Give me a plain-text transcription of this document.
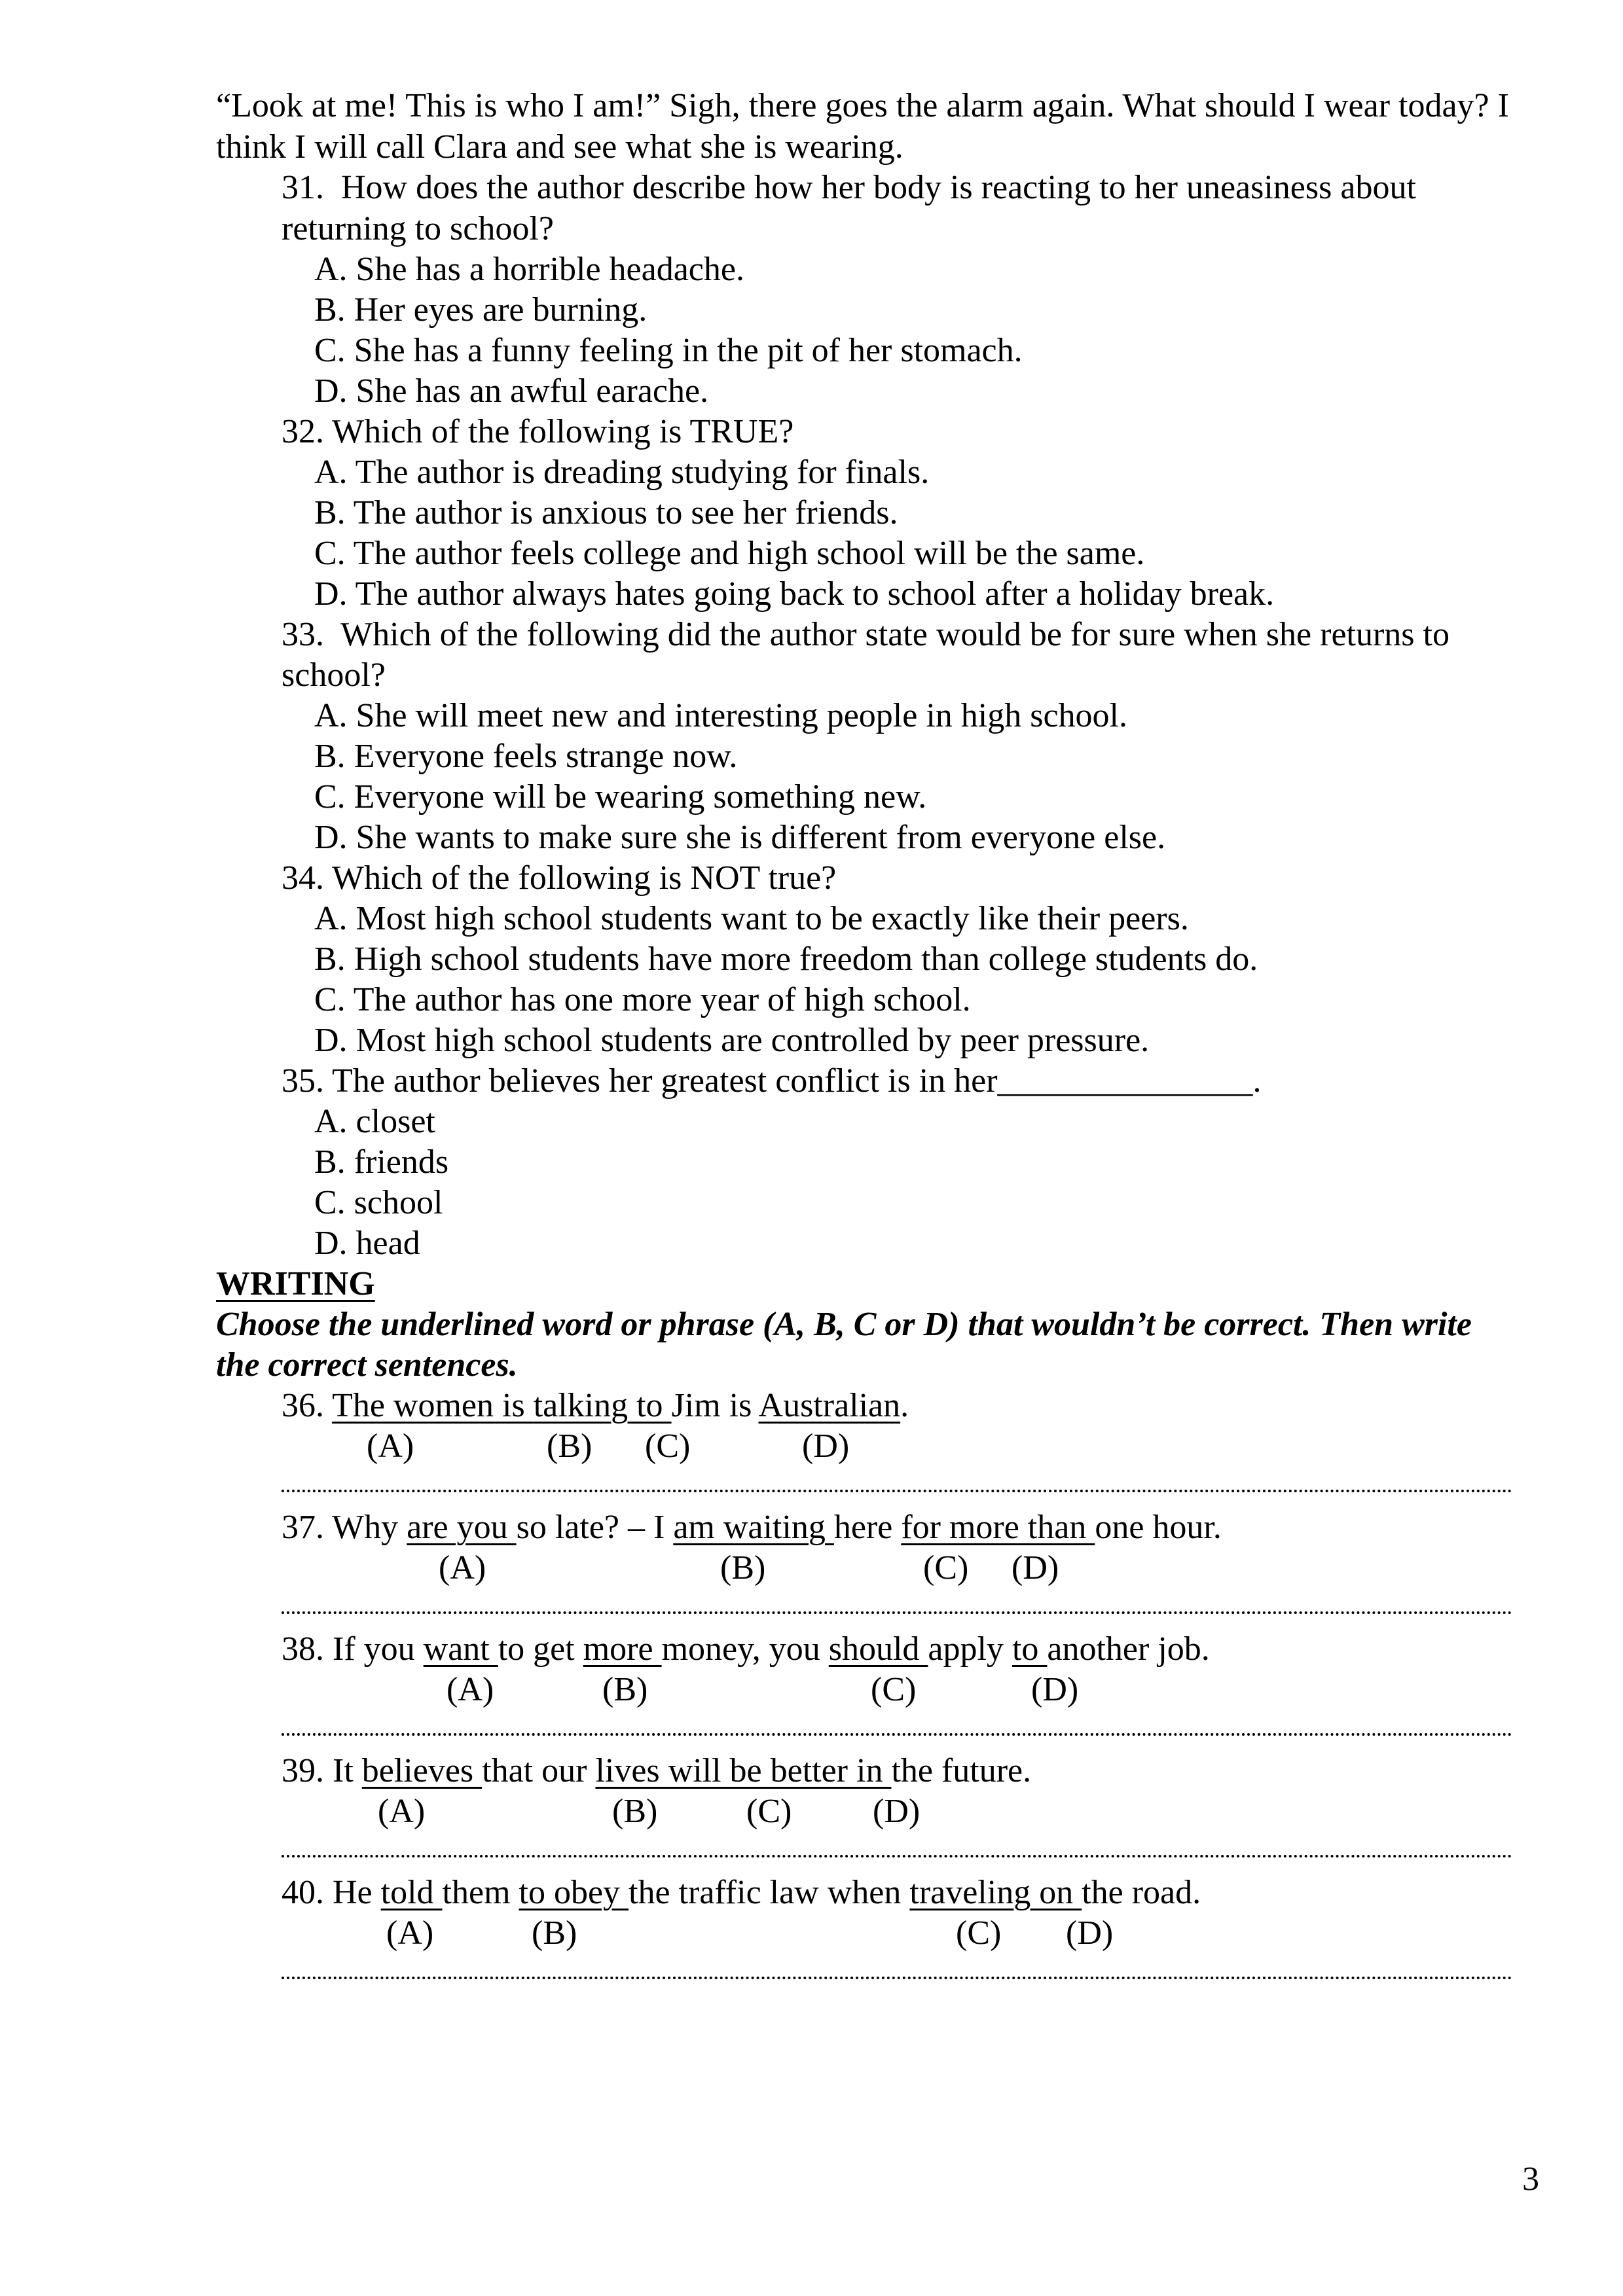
“Look at me! This is who I am!” Sigh, there goes the alarm again. What should I wear today? I
think I will call Clara and see what she is wearing.
31.  How does the author describe how her body is reacting to her uneasiness about
returning to school?
A. She has a horrible headache.
B. Her eyes are burning.
C. She has a funny feeling in the pit of her stomach.
D. She has an awful earache.
32. Which of the following is TRUE?
A. The author is dreading studying for finals.
B. The author is anxious to see her friends.
C. The author feels college and high school will be the same.
D. The author always hates going back to school after a holiday break.
33.  Which of the following did the author state would be for sure when she returns to
school?
A. She will meet new and interesting people in high school.
B. Everyone feels strange now.
C. Everyone will be wearing something new.
D. She wants to make sure she is different from everyone else.
34. Which of the following is NOT true?
A. Most high school students want to be exactly like their peers.
B. High school students have more freedom than college students do.
C. The author has one more year of high school.
D. Most high school students are controlled by peer pressure.
35. The author believes her greatest conflict is in her_______________.
A. closet
B. friends
C. school
D. head
WRITING
Choose the underlined word or phrase (A, B, C or D) that wouldn’t be correct. Then write
the correct sentences.
36. The women is talking to Jim is Australian.
(A)	(B) (C)	(D)
37. Why are you so late? – I am waiting here for more than one hour.
(A)	(B)	(C) (D)
38. If you want to get more money, you should apply to another job.
(A)	(B)	(C)	(D)
39. It believes that our lives will be better in the future.
(A)	(B)	(C) (D)
40. He told them to obey the traffic law when traveling on the road.
(A)	(B)	(C) (D)
3
